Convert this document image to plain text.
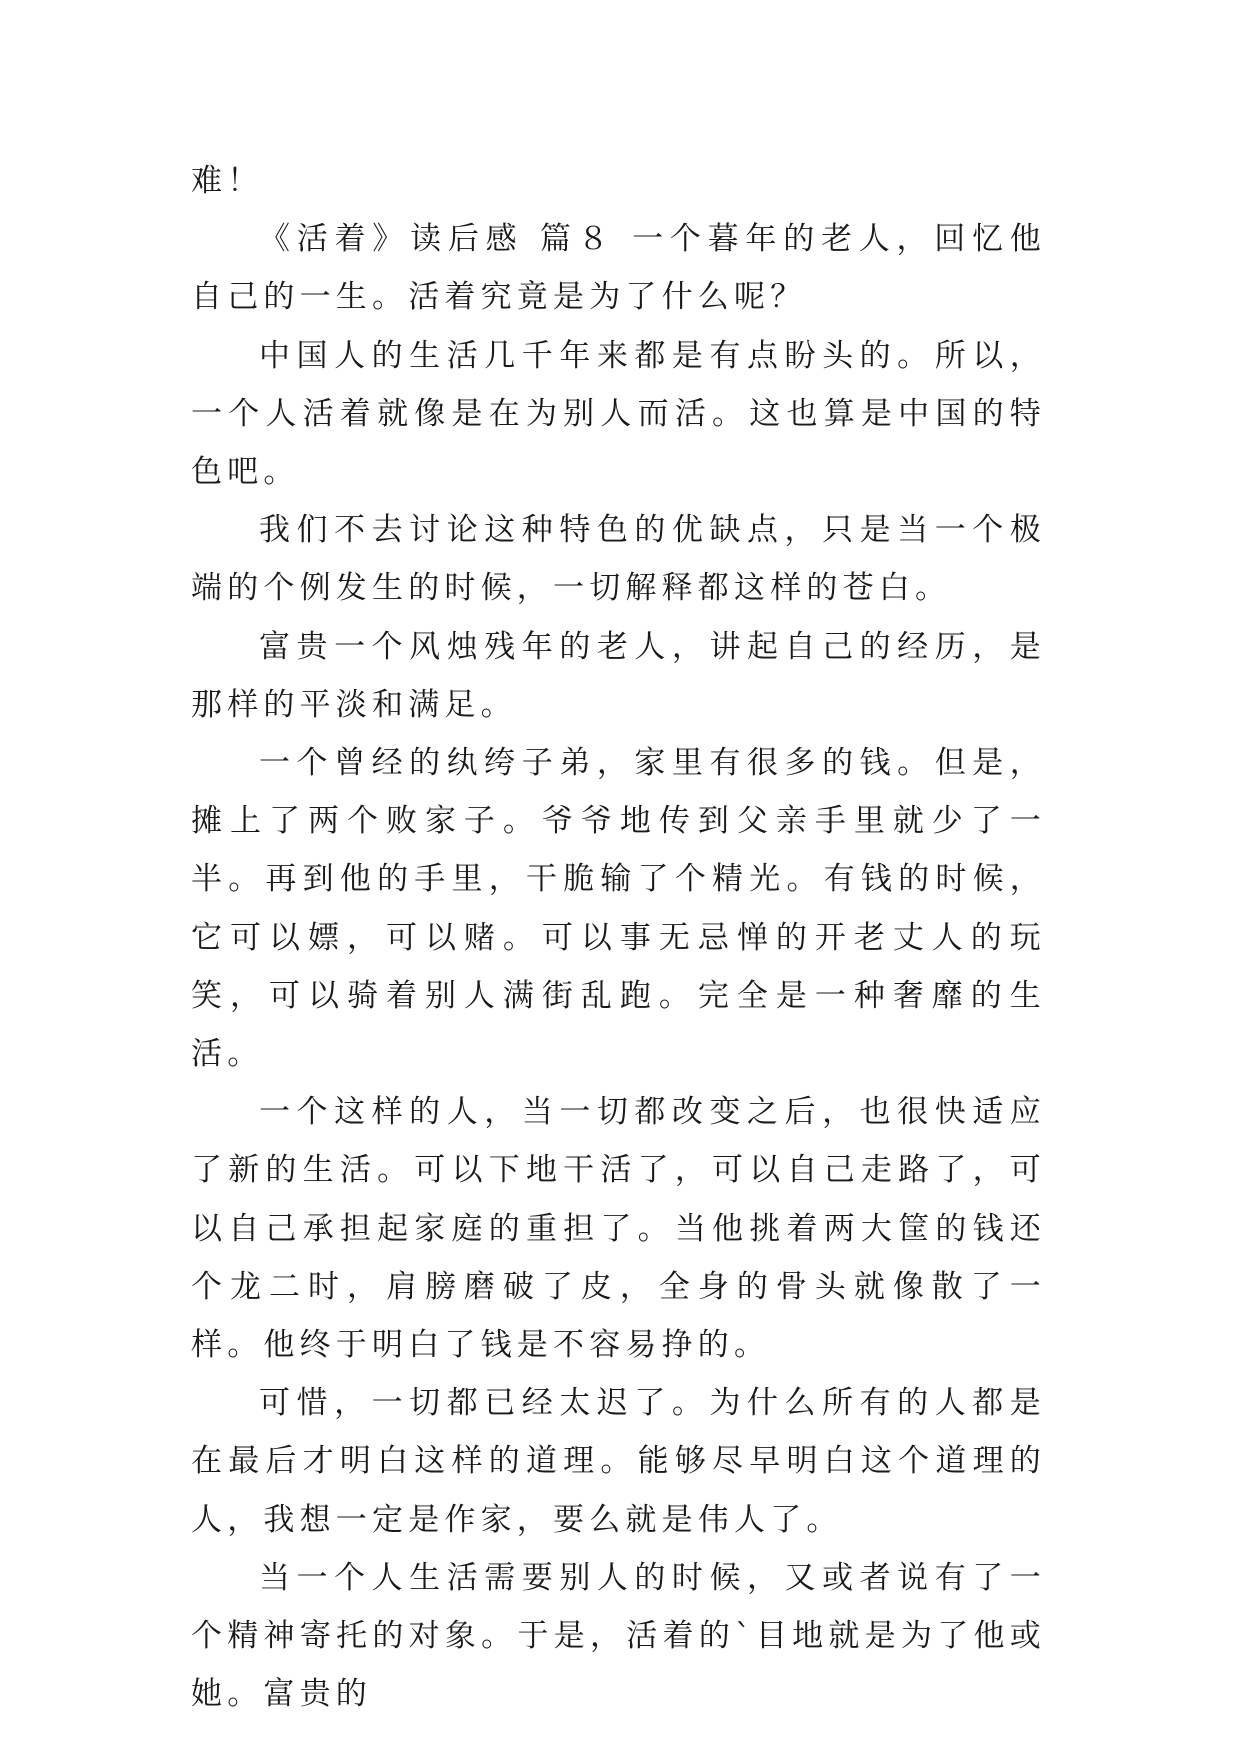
难！

《活着》读后感 篇８ 一个暮年的老人，回忆他自己的一生。活着究竟是为了什么呢？

中国人的生活几千年来都是有点盼头的。所以，一个人活着就像是在为别人而活。这也算是中国的特色吧。

我们不去讨论这种特色的优缺点，只是当一个极端的个例发生的时候，一切解释都这样的苍白。

富贵一个风烛残年的老人，讲起自己的经历，是那样的平淡和满足。

一个曾经的纨绔子弟，家里有很多的钱。但是，摊上了两个败家子。爷爷地传到父亲手里就少了一半。再到他的手里，干脆输了个精光。有钱的时候，它可以嫖，可以赌。可以事无忌惮的开老丈人的玩笑，可以骑着别人满街乱跑。完全是一种奢靡的生活。

一个这样的人，当一切都改变之后，也很快适应了新的生活。可以下地干活了，可以自己走路了，可以自己承担起家庭的重担了。当他挑着两大筐的钱还个龙二时，肩膀磨破了皮，全身的骨头就像散了一样。他终于明白了钱是不容易挣的。

可惜，一切都已经太迟了。为什么所有的人都是在最后才明白这样的道理。能够尽早明白这个道理的人，我想一定是作家，要么就是伟人了。

当一个人生活需要别人的时候，又或者说有了一个精神寄托的对象。于是，活着的`目地就是为了他或她。富贵的
